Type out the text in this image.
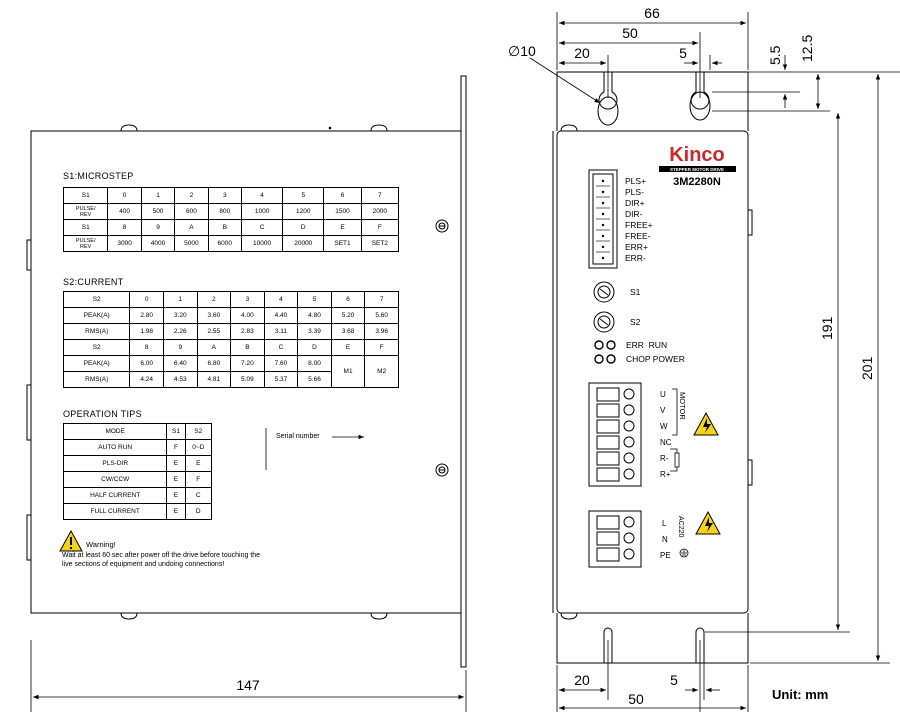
66
50
20	5
∅10	5.5 12.5
191
201
147	20	5
50	Unit: mm
Kinco
STEPPER MOTOR DRIVE
3M2280N
PLS+
PLS-
DIR+
DIR-
FREE+
FREE-
ERR+
ERR-
S1
S2
ERR  RUN
CHOP POWER
U
V
W
NC
R-
R+
MOTOR
L
N
PE
AC220
S1:MICROSTEP
S1	0	1	2	3	4	5	6	7
PULSE/
REV	400	500	600	800	1000	1200	1500	2000
S1	8	9	A	B	C	D	E	F
PULSE/
REV	3000	4000	5000	6000	10000	20000	SET1	SET2
S2:CURRENT
S2	0	1	2	3	4	5	6	7
PEAK(A)	2.80	3.20	3.60	4.00	4.40	4.80	5.20	5.60
RMS(A)	1.98	2.26	2.55	2.83	3.11	3.39	3.68	3.96
S2	8	9	A	B	C	D	E	F
PEAK(A)	6.00	6.40	6.80	7.20	7.60	8.00	M1	M2
RMS(A)	4.24	4.53	4.81	5.09	5.37	5.66		
OPERATION TIPS
MODE	S1	S2
AUTO RUN	F	0~D
PLS-DIR	E	E
CW/CCW	E	F
HALF CURRENT	E	C
FULL CURRENT	E	D
Serial number
Warning!
Wait at least 60 sec after power off the drive before touching the live sections of equipment and undoing connections!
